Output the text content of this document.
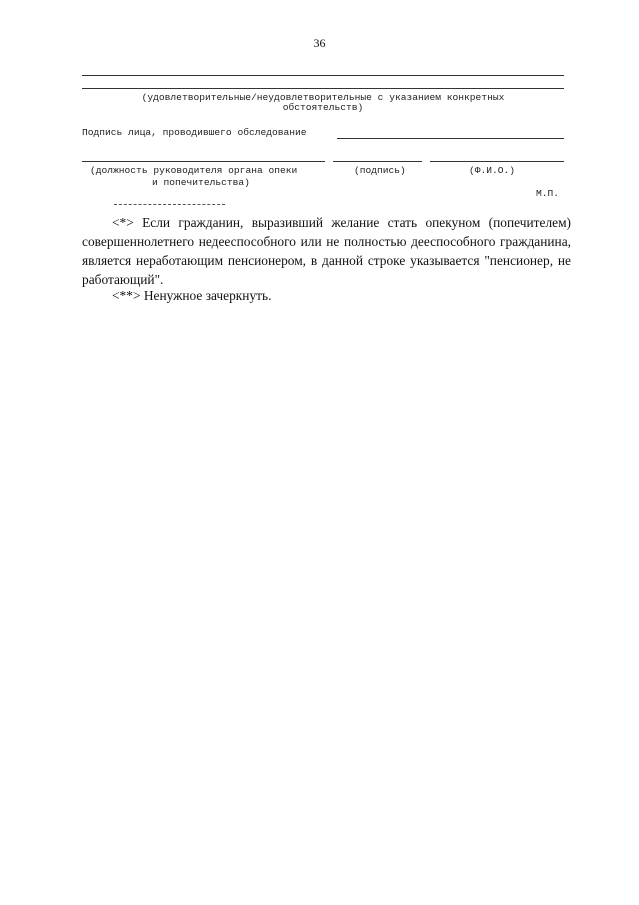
36
(удовлетворительные/неудовлетворительные с указанием конкретных
обстоятельств)
Подпись лица, проводившего обследование
(должность руководителя органа опеки
и попечительства)
(подпись)	(Ф.И.О.)
М.П.
<*> Если гражданин, выразивший желание стать опекуном (попечителем) совершеннолетнего недееспособного или не полностью дееспособного гражданина, является неработающим пенсионером, в данной строке указывается "пенсионер, не работающий".
<**> Ненужное зачеркнуть.
